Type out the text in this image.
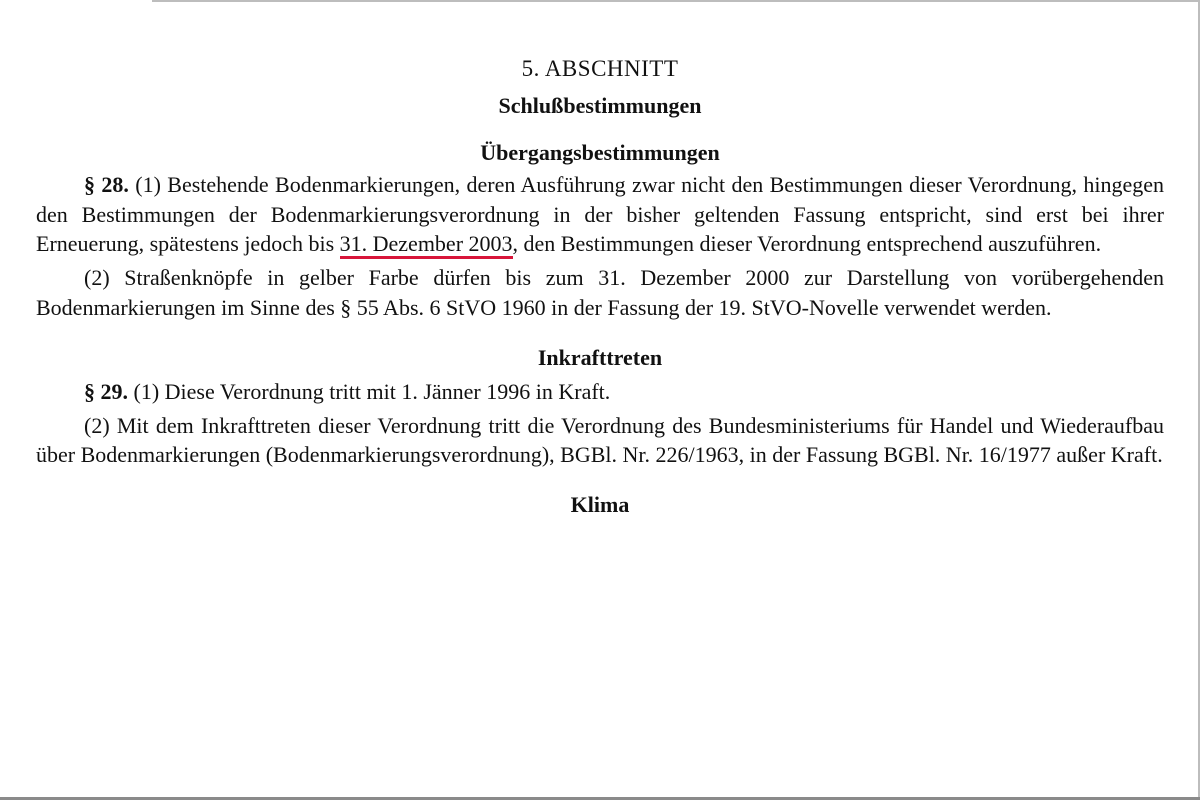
5. ABSCHNITT

Schlußbestimmungen

Übergangsbestimmungen

§ 28. (1) Bestehende Bodenmarkierungen, deren Ausführung zwar nicht den Bestimmungen dieser Verordnung, hingegen den Bestimmungen der Bodenmarkierungsverordnung in der bisher geltenden Fassung entspricht, sind erst bei ihrer Erneuerung, spätestens jedoch bis 31. Dezember 2003, den Bestimmungen dieser Verordnung entsprechend auszuführen.

(2) Straßenknöpfe in gelber Farbe dürfen bis zum 31. Dezember 2000 zur Darstellung von vorübergehenden Bodenmarkierungen im Sinne des § 55 Abs. 6 StVO 1960 in der Fassung der 19. StVO-Novelle verwendet werden.

Inkrafttreten

§ 29. (1) Diese Verordnung tritt mit 1. Jänner 1996 in Kraft.

(2) Mit dem Inkrafttreten dieser Verordnung tritt die Verordnung des Bundesministeriums für Handel und Wiederaufbau über Bodenmarkierungen (Bodenmarkierungsverordnung), BGBl. Nr. 226/1963, in der Fassung BGBl. Nr. 16/1977 außer Kraft.

Klima
